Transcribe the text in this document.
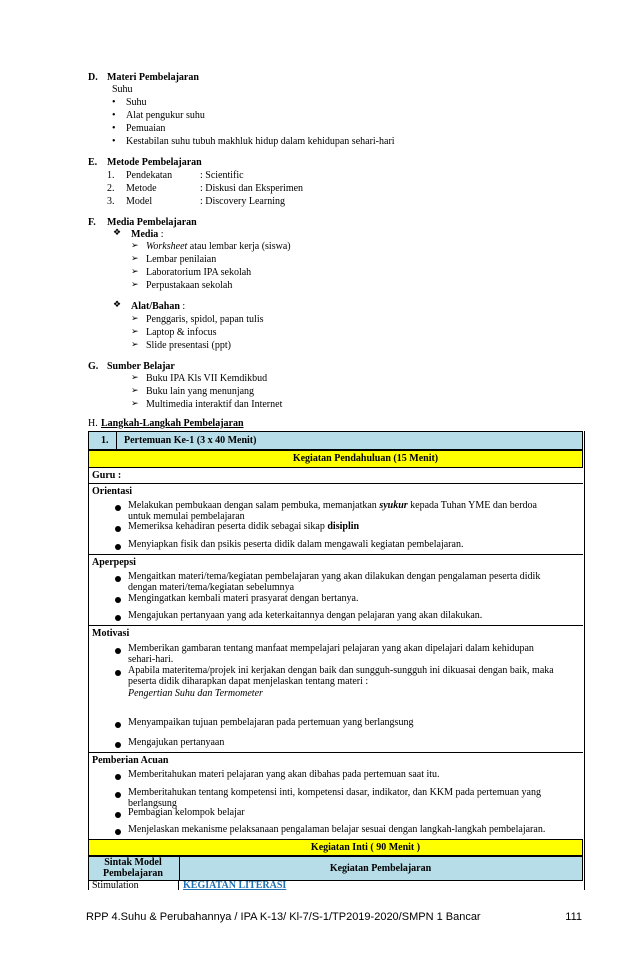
D. Materi Pembelajaran
Suhu
• Suhu
• Alat pengukur suhu
• Pemuaian
• Kestabilan suhu tubuh makhluk hidup dalam kehidupan sehari-hari
E. Metode Pembelajaran
1. Pendekatan	: Scientific
2. Metode	: Diskusi dan Eksperimen
3. Model	: Discovery Learning
F. Media Pembelajaran
❖ Media :
➢ Worksheet atau lembar kerja (siswa)
➢ Lembar penilaian
➢ Laboratorium IPA sekolah
➢ Perpustakaan sekolah
❖ Alat/Bahan :
➢ Penggaris, spidol, papan tulis
➢ Laptop & infocus
➢ Slide presentasi (ppt)
G. Sumber Belajar
➢ Buku IPA Kls VII Kemdikbud
➢ Buku lain yang menunjang
➢ Multimedia interaktif dan Internet
H. Langkah-Langkah Pembelajaran
1. Pertemuan Ke-1 (3 x 40 Menit)
Kegiatan Pendahuluan (15 Menit)
Guru :
Orientasi
Melakukan pembukaan dengan salam pembuka, memanjatkan syukur kepada Tuhan YME dan berdoa
untuk memulai pembelajaran
Memeriksa kehadiran peserta didik sebagai sikap disiplin
Menyiapkan fisik dan psikis peserta didik dalam mengawali kegiatan pembelajaran.
Aperpepsi
Mengaitkan materi/tema/kegiatan pembelajaran yang akan dilakukan dengan pengalaman peserta didik
dengan materi/tema/kegiatan sebelumnya
Mengingatkan kembali materi prasyarat dengan bertanya.
Mengajukan pertanyaan yang ada keterkaitannya dengan pelajaran yang akan dilakukan.
Motivasi
Memberikan gambaran tentang manfaat mempelajari pelajaran yang akan dipelajari dalam kehidupan
sehari-hari.
Apabila materitema/projek ini kerjakan dengan baik dan sungguh-sungguh ini dikuasai dengan baik, maka
peserta didik diharapkan dapat menjelaskan tentang materi :
Pengertian Suhu dan Termometer
Menyampaikan tujuan pembelajaran pada pertemuan yang berlangsung
Mengajukan pertanyaan
Pemberian Acuan
Memberitahukan materi pelajaran yang akan dibahas pada pertemuan saat itu.
Memberitahukan tentang kompetensi inti, kompetensi dasar, indikator, dan KKM pada pertemuan yang
berlangsung
Pembagian kelompok belajar
Menjelaskan mekanisme pelaksanaan pengalaman belajar sesuai dengan langkah-langkah pembelajaran.
Kegiatan Inti ( 90 Menit )
Sintak Model Pembelajaran	Kegiatan Pembelajaran
Stimulation	KEGIATAN LITERASI
RPP 4.Suhu & Perubahannya / IPA K-13/ Kl-7/S-1/TP2019-2020/SMPN 1 Bancar	111
